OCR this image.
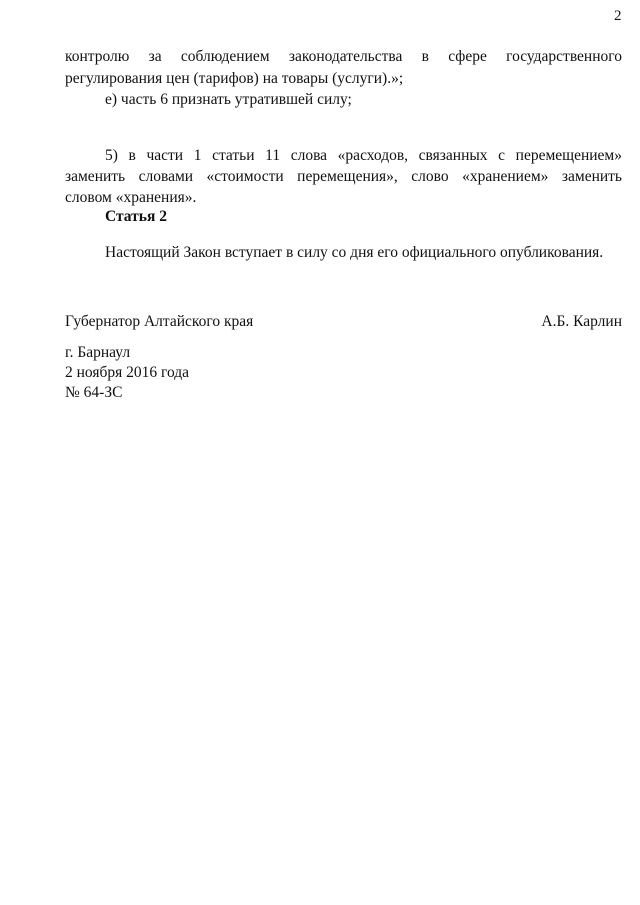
2
контролю за соблюдением законодательства в сфере государственного
регулирования цен (тарифов) на товары (услуги).»;
е) часть 6 признать утратившей силу;
5) в части 1 статьи 11 слова «расходов, связанных с перемещением»
заменить словами «стоимости перемещения», слово «хранением» заменить
словом «хранения».
Статья 2
Настоящий Закон вступает в силу со дня его официального опубликования.
Губернатор Алтайского края	А.Б. Карлин
г. Барнаул
2 ноября 2016 года
№ 64-ЗС
